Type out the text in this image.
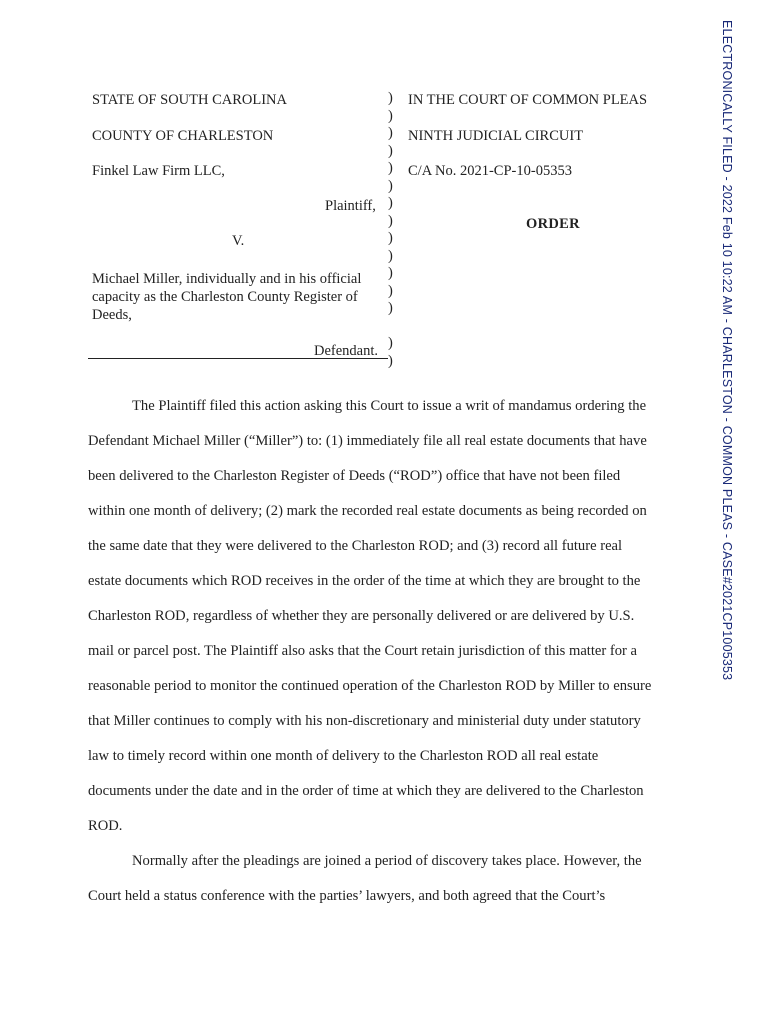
ELECTRONICALLY FILED - 2022 Feb 10 10:22 AM - CHARLESTON - COMMON PLEAS - CASE#2021CP1005353
STATE OF SOUTH CAROLINA
COUNTY OF CHARLESTON
Finkel Law Firm LLC,
Plaintiff,
V.
Michael Miller, individually and in his official
capacity as the Charleston County Register of
Deeds,
Defendant.
)
)
)
)
)
)
)
)
)
)
)
)
)
)
)
IN THE COURT OF COMMON PLEAS
NINTH JUDICIAL CIRCUIT
C/A No. 2021-CP-10-05353
ORDER
The Plaintiff filed this action asking this Court to issue a writ of mandamus ordering the
Defendant Michael Miller (“Miller”) to: (1) immediately file all real estate documents that have
been delivered to the Charleston Register of Deeds (“ROD”) office that have not been filed
within one month of delivery; (2) mark the recorded real estate documents as being recorded on
the same date that they were delivered to the Charleston ROD; and (3) record all future real
estate documents which ROD receives in the order of the time at which they are brought to the
Charleston ROD, regardless of whether they are personally delivered or are delivered by U.S.
mail or parcel post. The Plaintiff also asks that the Court retain jurisdiction of this matter for a
reasonable period to monitor the continued operation of the Charleston ROD by Miller to ensure
that Miller continues to comply with his non-discretionary and ministerial duty under statutory
law to timely record within one month of delivery to the Charleston ROD all real estate
documents under the date and in the order of time at which they are delivered to the Charleston
ROD.
Normally after the pleadings are joined a period of discovery takes place. However, the
Court held a status conference with the parties’ lawyers, and both agreed that the Court’s
